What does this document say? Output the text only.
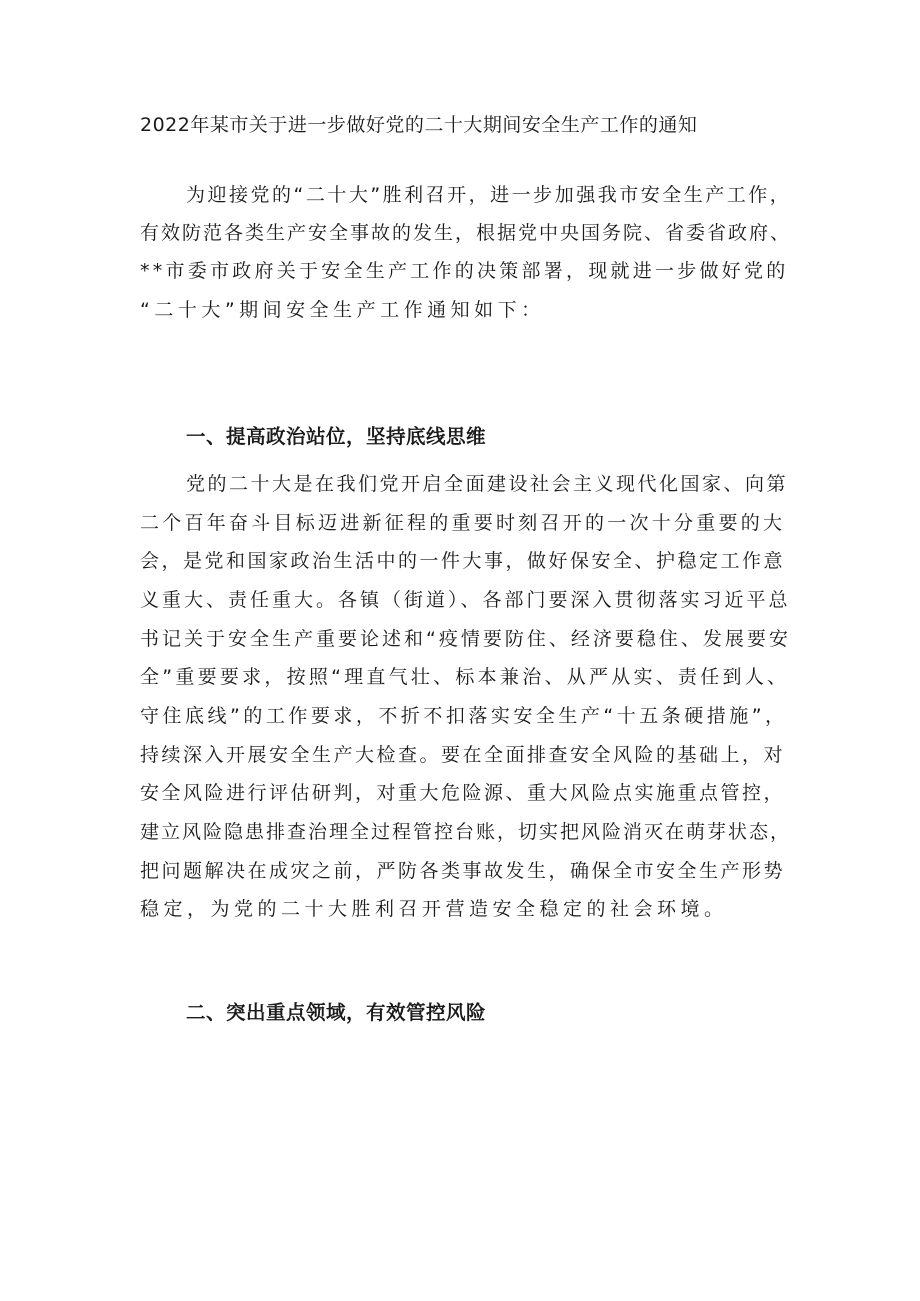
2022年某市关于进一步做好党的二十大期间安全生产工作的通知
为迎接党的“二十大”胜利召开，进一步加强我市安全生产工作，
有效防范各类生产安全事故的发生，根据党中央国务院、省委省政府、
**市委市政府关于安全生产工作的决策部署，现就进一步做好党的
“二十大”期间安全生产工作通知如下：
一、提高政治站位，坚持底线思维
党的二十大是在我们党开启全面建设社会主义现代化国家、向第
二个百年奋斗目标迈进新征程的重要时刻召开的一次十分重要的大
会，是党和国家政治生活中的一件大事，做好保安全、护稳定工作意
义重大、责任重大。各镇（街道）、各部门要深入贯彻落实习近平总
书记关于安全生产重要论述和“疫情要防住、经济要稳住、发展要安
全”重要要求，按照“理直气壮、标本兼治、从严从实、责任到人、
守住底线”的工作要求，不折不扣落实安全生产“十五条硬措施”，
持续深入开展安全生产大检查。要在全面排查安全风险的基础上，对
安全风险进行评估研判，对重大危险源、重大风险点实施重点管控，
建立风险隐患排查治理全过程管控台账，切实把风险消灭在萌芽状态，
把问题解决在成灾之前，严防各类事故发生，确保全市安全生产形势
稳定，为党的二十大胜利召开营造安全稳定的社会环境。
二、突出重点领域，有效管控风险
